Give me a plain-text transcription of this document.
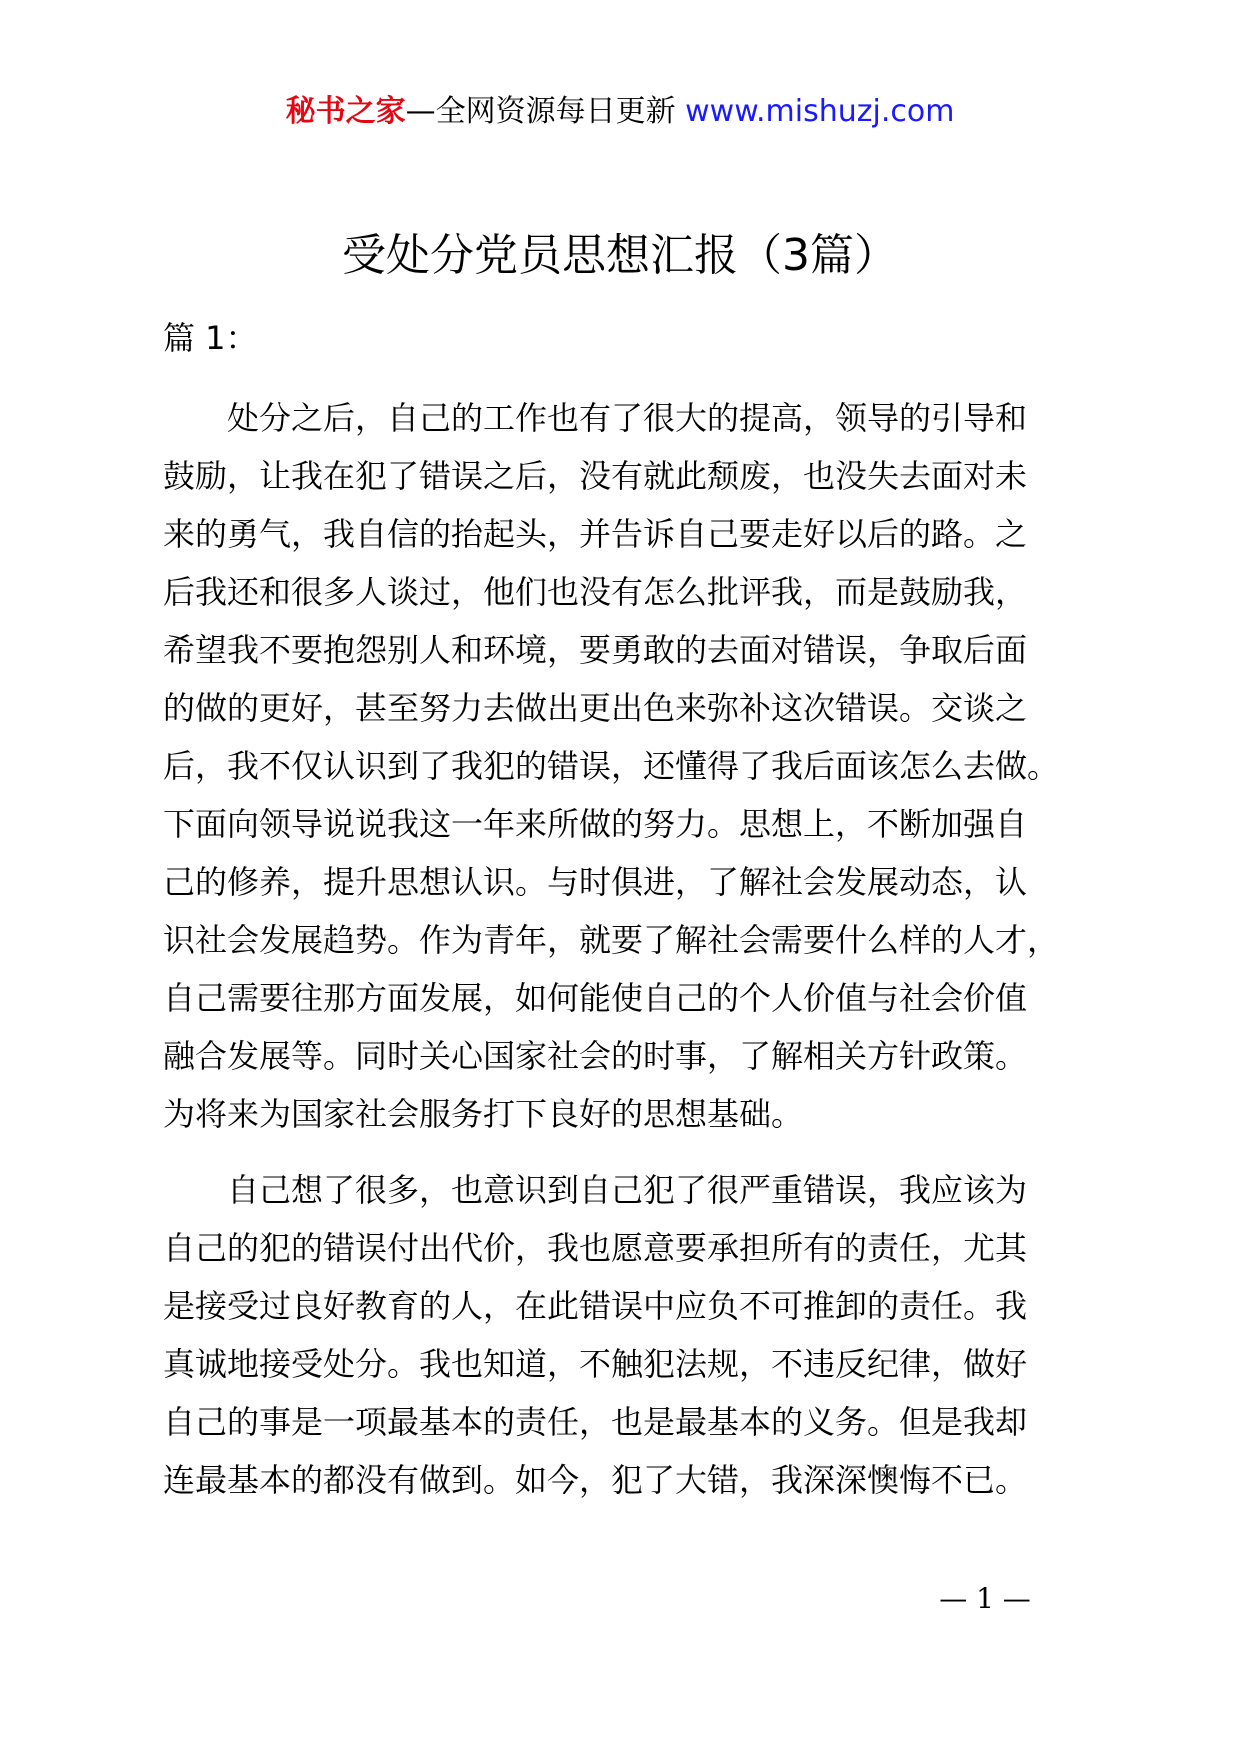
秘书之家—全网资源每日更新 www.mishuzj.com
受处分党员思想汇报（3篇）
篇 1：
处分之后，自己的工作也有了很大的提高，领导的引导和
鼓励，让我在犯了错误之后，没有就此颓废，也没失去面对未
来的勇气，我自信的抬起头，并告诉自己要走好以后的路。之
后我还和很多人谈过，他们也没有怎么批评我，而是鼓励我，
希望我不要抱怨别人和环境，要勇敢的去面对错误，争取后面
的做的更好，甚至努力去做出更出色来弥补这次错误。交谈之
后，我不仅认识到了我犯的错误，还懂得了我后面该怎么去做。
下面向领导说说我这一年来所做的努力。思想上，不断加强自
己的修养，提升思想认识。与时俱进，了解社会发展动态，认
识社会发展趋势。作为青年，就要了解社会需要什么样的人才，
自己需要往那方面发展，如何能使自己的个人价值与社会价值
融合发展等。同时关心国家社会的时事，了解相关方针政策。
为将来为国家社会服务打下良好的思想基础。
自己想了很多，也意识到自己犯了很严重错误，我应该为
自己的犯的错误付出代价，我也愿意要承担所有的责任，尤其
是接受过良好教育的人，在此错误中应负不可推卸的责任。我
真诚地接受处分。我也知道，不触犯法规，不违反纪律，做好
自己的事是一项最基本的责任，也是最基本的义务。但是我却
连最基本的都没有做到。如今，犯了大错，我深深懊悔不已。
— 1 —
